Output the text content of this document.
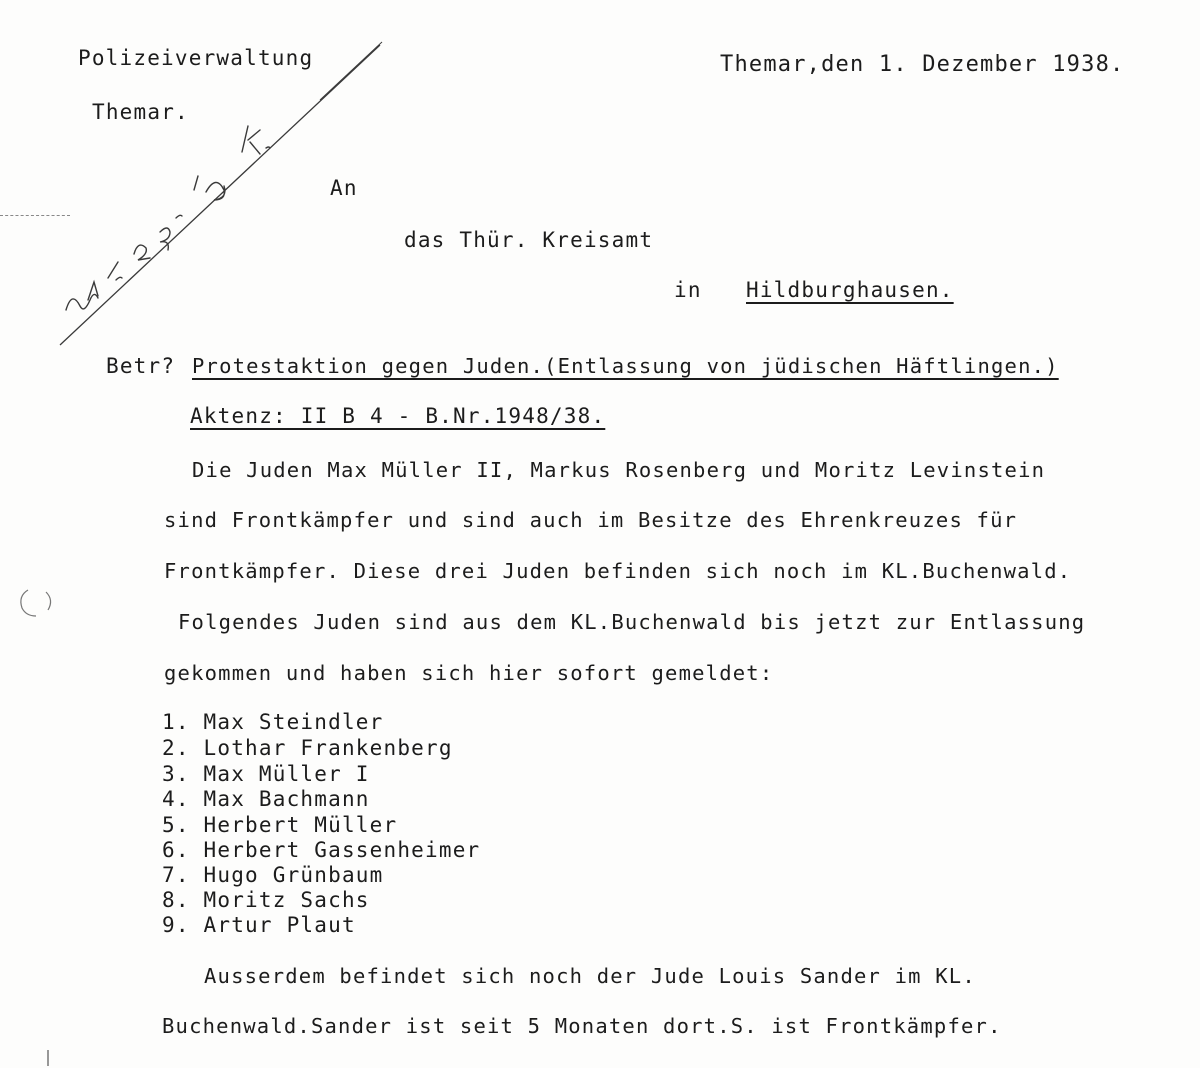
Polizeiverwaltung
Themar.
Themar,den 1. Dezember 1938.
An
das Thür. Kreisamt
in Hildburghausen.
Betr? Protestaktion gegen Juden.(Entlassung von jüdischen Häftlingen.)
Aktenz: II B 4 - B.Nr.1948/38.
Die Juden Max Müller II, Markus Rosenberg und Moritz Levinstein
sind Frontkämpfer und sind auch im Besitze des Ehrenkreuzes für
Frontkämpfer. Diese drei Juden befinden sich noch im KL.Buchenwald.
Folgendes Juden sind aus dem KL.Buchenwald bis jetzt zur Entlassung
gekommen und haben sich hier sofort gemeldet:
1. Max Steindler
2. Lothar Frankenberg
3. Max Müller I
4. Max Bachmann
5. Herbert Müller
6. Herbert Gassenheimer
7. Hugo Grünbaum
8. Moritz Sachs
9. Artur Plaut
Ausserdem befindet sich noch der Jude Louis Sander im KL.
Buchenwald.Sander ist seit 5 Monaten dort.S. ist Frontkämpfer.
